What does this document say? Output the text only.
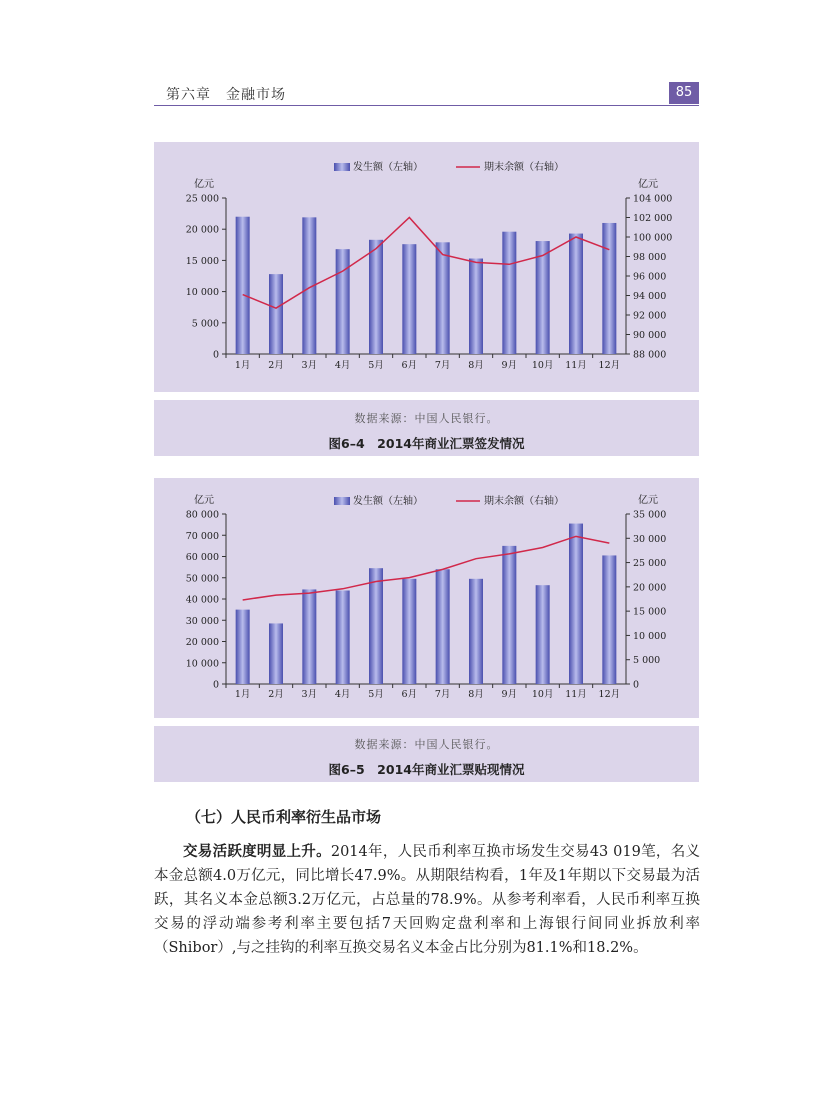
第六章　金融市场	85
0
5 000
10 000
15 000
20 000
25 000
88 000
90 000
92 000
94 000
96 000
98 000
100 000
102 000
104 000
亿元	亿元
1月 2月 3月 4月 5月 6月 7月 8月 9月 10月 11月 12月
发生额（左轴）	期末余额（右轴）
数据来源：中国人民银行。
图6–4　2014年商业汇票签发情况
0
10 000
20 000
30 000
40 000
50 000
60 000
70 000
80 000
0
5 000
10 000
15 000
20 000
25 000
30 000
35 000
亿元	亿元
1月 2月 3月 4月 5月 6月 7月 8月 9月 10月 11月 12月
发生额（左轴）	期末余额（右轴）
数据来源：中国人民银行。
图6–5　2014年商业汇票贴现情况
（七）人民币利率衍生品市场

交易活跃度明显上升。2014年，人民币利率互换市场发生交易43 019笔，名义本金总额4.0万亿元，同比增长47.9%。从期限结构看，1年及1年期以下交易最为活跃，其名义本金总额3.2万亿元，占总量的78.9%。从参考利率看，人民币利率互换交易的浮动端参考利率主要包括7天回购定盘利率和上海银行间同业拆放利率（Shibor）,与之挂钩的利率互换交易名义本金占比分别为81.1%和18.2%。
